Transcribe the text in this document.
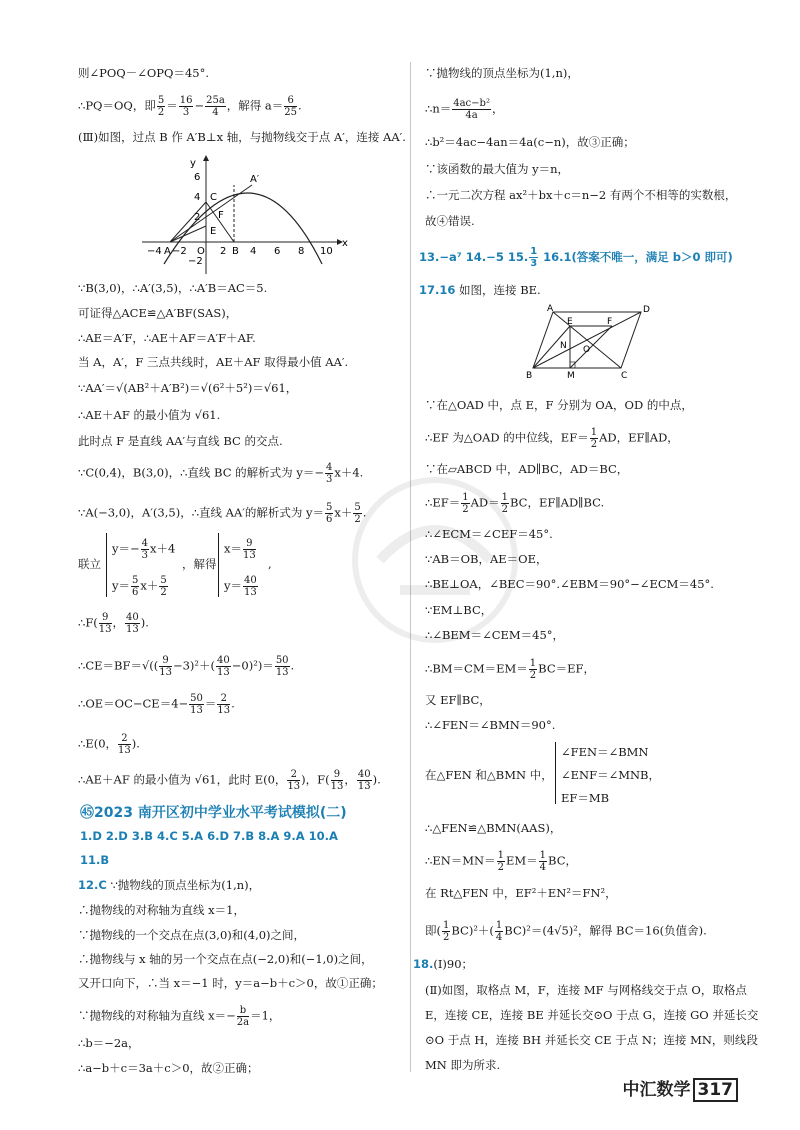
则∠POQ－∠OPQ＝45°.
∴PQ＝OQ，即 $\frac{5}{2} = \frac{16}{3} - \frac{25a}{4}$ ，解得 $a= \frac{6}{25}$ .
(Ⅲ)如图，过点 B 作 A′B⊥x 轴，与抛物线交于点 A′，连接 AA′.
A′
C
F
E
y
x
6
4
2
−2
−4 A −2 O 2 B 4 6 8 10
∵B(3,0)，∴A′(3,5)，∴A′B＝AC＝5.
可证得△ACE≌△A′BF(SAS)，
∴AE＝A′F，∴AE＋AF＝A′F＋AF.
当 A，A′，F 三点共线时，AE＋AF 取得最小值 AA′.
∵AA′＝√(AB²＋A′B²)＝√(6²＋5²)＝√61，
∴AE＋AF 的最小值为 √61.
此时点 F 是直线 AA′与直线 BC 的交点.
∵C(0,4)，B(3,0)，∴直线 BC 的解析式为 $y=- \frac{4}{3} x+4$.
∵A(−3,0)，A′(3,5)，∴直线 AA′的解析式为 $y= \frac{5}{6} x+ \frac{5}{2}$ .
联立
$y=- \frac{4}{3} x+4$
$y= \frac{5}{6} x+ \frac{5}{2}$
，解得
$x= \frac{9}{13}$
$y= \frac{40}{13}$
,
∴F( $\frac{9}{13}$ ， $\frac{40}{13}$ ).
∴CE＝BF＝√(( $\frac{9}{13} -3)^2+( \frac{40}{13} -0)^2)= \frac{50}{13}$ .
∴OE＝OC−CE＝4− $\frac{50}{13} = \frac{2}{13}$ .
∴E(0， $\frac{2}{13}$ ).
∴AE＋AF 的最小值为 √61，此时 E(0， $\frac{2}{13}$ )，$F( \frac{9}{13}$ ， $\frac{40}{13}$ ).
㊺2023 南开区初中学业水平考试模拟(二)
1.D 2.D 3.B 4.C 5.A 6.D 7.B 8.A 9.A 10.A
11.B
12.C ∵抛物线的顶点坐标为(1,n)，
∴抛物线的对称轴为直线 x＝1，
∵抛物线的一个交点在点(3,0)和(4,0)之间，
∴抛物线与 x 轴的另一个交点在点(−2,0)和(−1,0)之间，
又开口向下，∴当 x＝−1 时，y＝a−b＋c＞0，故①正确；
∵抛物线的对称轴为直线 $x=- \frac{b}{2a} =1$，
∴b＝−2a，
∴a−b＋c＝3a＋c＞0，故②正确；
∵抛物线的顶点坐标为(1,n)，
∴n＝ $\frac{\text{4ac−b²}}{4a}$ ，
∴b²＝4ac−4an＝4a(c−n)，故③正确；
∵该函数的最大值为 y＝n，
∴一元二次方程 ax²＋bx＋c＝n−2 有两个不相等的实数根，
故④错误.
13.−a⁷ 14.−5 15. $\frac{1}{3} 16.1$(答案不唯一，满足 b＞0 即可)
17.16 如图，连接 BE.
A	D
E	F
N O
B	M	C
∵在△OAD 中，点 E，F 分别为 OA，OD 的中点，
∴EF 为△OAD 的中位线，$EF= \frac{1}{2}$ AD，EF∥AD，
∵在▱ABCD 中，AD∥BC，AD＝BC，
∴EF＝ $\frac{1}{2} AD= \frac{1}{2}$ BC，EF∥AD∥BC.
∴∠ECM＝∠CEF＝45°.
∵AB＝OB，AE＝OE，
∴BE⊥OA，∠BEC＝90°.∠EBM＝90°−∠ECM＝45°.
∵EM⊥BC，
∴∠BEM＝∠CEM＝45°，
∴BM＝CM＝EM＝ $\frac{1}{2} BC=EF$，
又 EF∥BC，
∴∠FEN＝∠BMN＝90°.
在△FEN 和△BMN 中，
∠FEN＝∠BMN
∠ENF＝∠MNB，
EF＝MB
∴△FEN≌△BMN(AAS)，
∴EN＝MN＝ $\frac{1}{2} EM= \frac{1}{4}$ BC，
在 Rt△FEN 中，EF²＋EN²＝FN²，
即( $\frac{1}{2} BC)^2+( \frac{1}{4} BC)^2=(4√5)^2$，解得 BC＝16(负值舍).
18.(Ⅰ)90；
(Ⅱ)如图，取格点 M，F，连接 MF 与网格线交于点 O，取格点
E，连接 CE，连接 BE 并延长交⊙O 于点 G，连接 GO 并延长交
⊙O 于点 H，连接 BH 并延长交 CE 于点 N；连接 MN，则线段
MN 即为所求.
中汇数学 317
